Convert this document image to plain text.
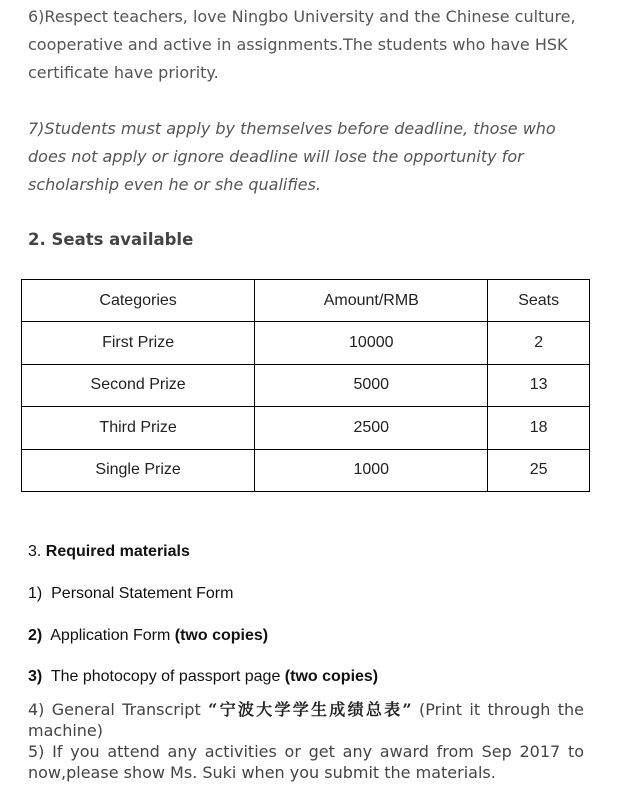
6)Respect teachers, love Ningbo University and the Chinese culture, cooperative and active in assignments.The students who have HSK certificate have priority.
7)Students must apply by themselves before deadline, those who does not apply or ignore deadline will lose the opportunity for scholarship even he or she qualifies.
2. Seats available
Categories	Amount/RMB	Seats
First Prize	10000	2
Second Prize	5000	13
Third Prize	2500	18
Single Prize	1000	25
3. Required materials
1) Personal Statement Form
2) Application Form (two copies)
3) The photocopy of passport page (two copies)
4) General Transcript “宁波大学学生成绩总表” (Print it through the machine)
5) If you attend any activities or get any award from Sep 2017 to now,please show Ms. Suki when you submit the materials.
